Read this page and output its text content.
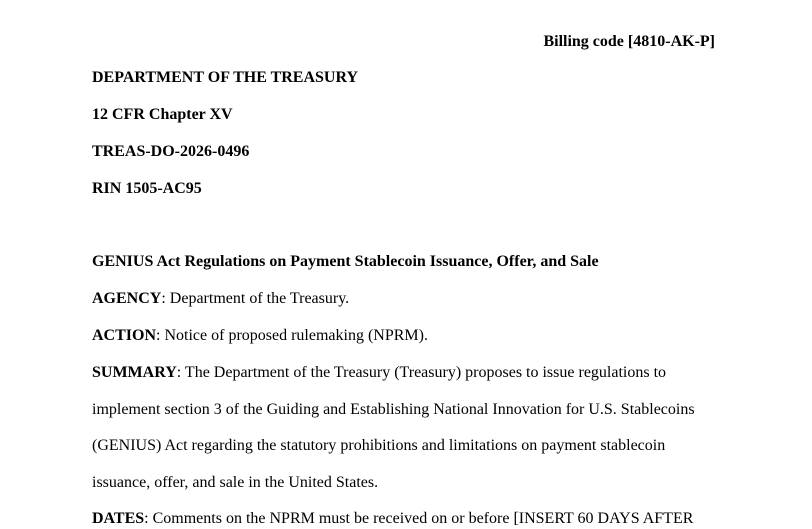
Billing code [4810-AK-P]
DEPARTMENT OF THE TREASURY
12 CFR Chapter XV
TREAS-DO-2026-0496
RIN 1505-AC95
GENIUS Act Regulations on Payment Stablecoin Issuance, Offer, and Sale
AGENCY: Department of the Treasury.
ACTION: Notice of proposed rulemaking (NPRM).
SUMMARY: The Department of the Treasury (Treasury) proposes to issue regulations to
implement section 3 of the Guiding and Establishing National Innovation for U.S. Stablecoins
(GENIUS) Act regarding the statutory prohibitions and limitations on payment stablecoin
issuance, offer, and sale in the United States.
DATES: Comments on the NPRM must be received on or before [INSERT 60 DAYS AFTER
